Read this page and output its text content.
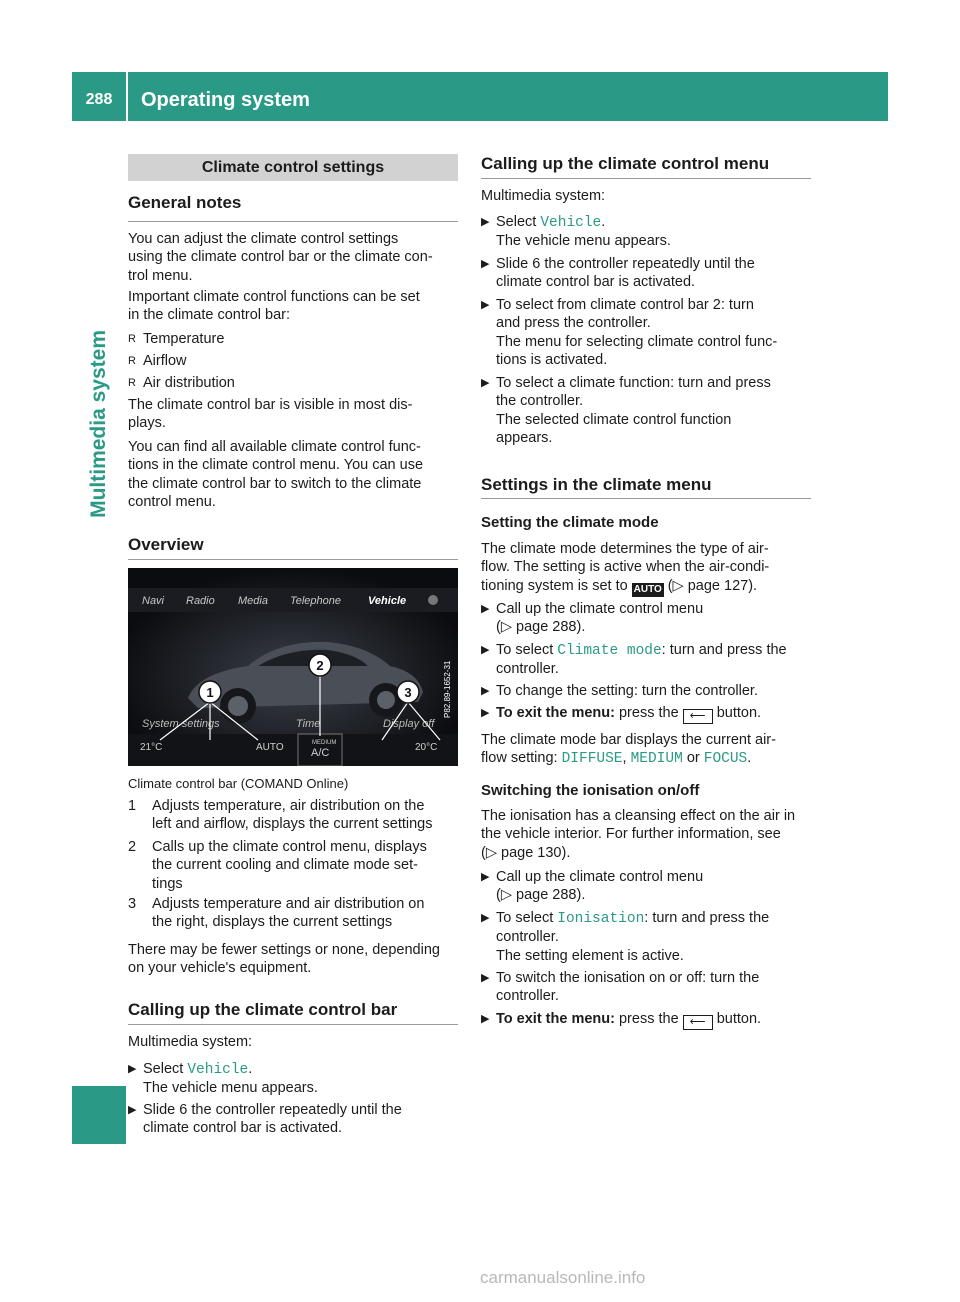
288	Operating system
Multimedia system
Climate control settings
General notes
You can adjust the climate control settings
using the climate control bar or the climate con-
trol menu.
Important climate control functions can be set
in the climate control bar:
R Temperature
R Airflow
R Air distribution
The climate control bar is visible in most dis-
plays.
You can find all available climate control func-
tions in the climate control menu. You can use
the climate control bar to switch to the climate
control menu.
Overview
Navi Radio Media Telephone Vehicle
System settings	Time	Display off
21°C	AUTO	MEDIUM
A/C	20°C
1
2
3	P82.89-1652-31
Climate control bar (COMAND Online)
1 Adjusts temperature, air distribution on the
left and airflow, displays the current settings
2 Calls up the climate control menu, displays
the current cooling and climate mode set-
tings
3 Adjusts temperature and air distribution on
the right, displays the current settings
There may be fewer settings or none, depending
on your vehicle's equipment.
Calling up the climate control bar
Multimedia system:
▶ Select Vehicle.
The vehicle menu appears.
▶ Slide 6 the controller repeatedly until the
climate control bar is activated.
Calling up the climate control menu
Multimedia system:
▶ Select Vehicle.
The vehicle menu appears.
▶ Slide 6 the controller repeatedly until the
climate control bar is activated.
▶ To select from climate control bar 2: turn
and press the controller.
The menu for selecting climate control func-
tions is activated.
▶ To select a climate function: turn and press
the controller.
The selected climate control function
appears.
Settings in the climate menu
Setting the climate mode
The climate mode determines the type of air-
flow. The setting is active when the air-condi-
tioning system is set to AUTO (▷ page 127).
▶ Call up the climate control menu
(▷ page 288).
▶ To select Climate mode: turn and press the
controller.
▶ To change the setting: turn the controller.
▶ To exit the menu: press the ⟵ button.
The climate mode bar displays the current air-
flow setting: DIFFUSE, MEDIUM or FOCUS.
Switching the ionisation on/off
The ionisation has a cleansing effect on the air in
the vehicle interior. For further information, see
(▷ page 130).
▶ Call up the climate control menu
(▷ page 288).
▶ To select Ionisation: turn and press the
controller.
The setting element is active.
▶ To switch the ionisation on or off: turn the
controller.
▶ To exit the menu: press the ⟵ button.
carmanualsonline.info
